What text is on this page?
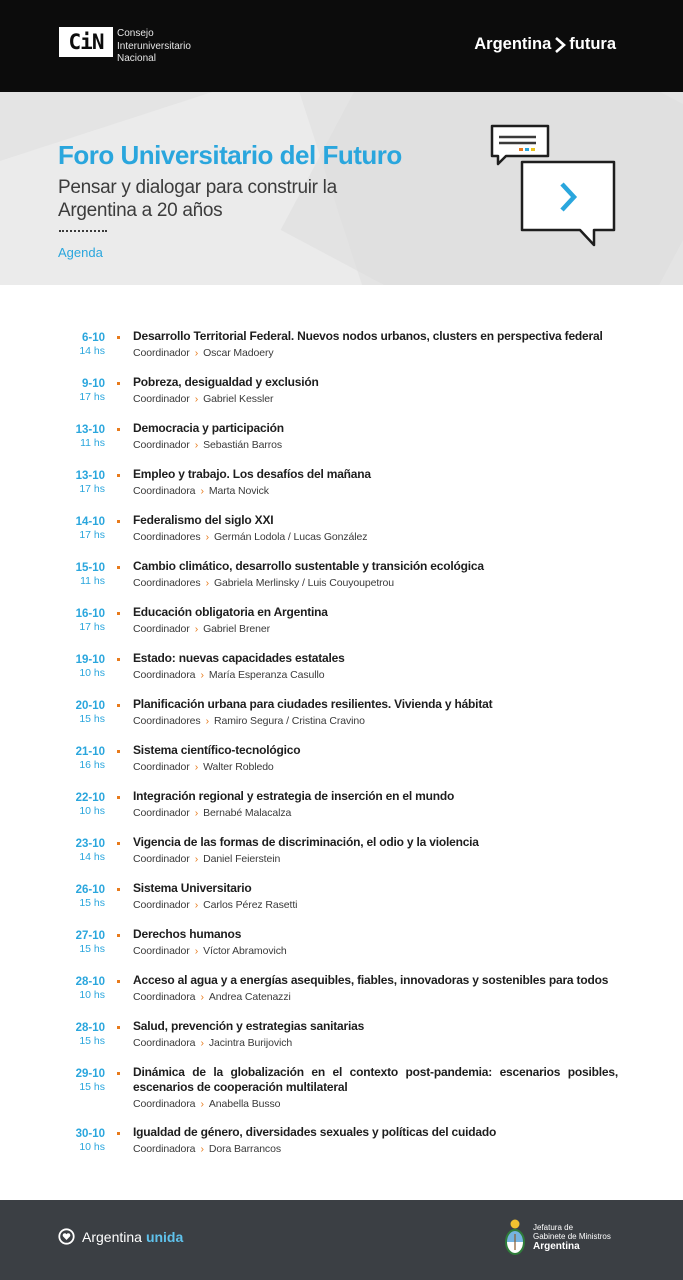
CiN	Consejo
Interuniversitario
Nacional
Argentina futura
Foro Universitario del Futuro
Pensar y dialogar para construir la Argentina a 20 años
Agenda
6-10
14 hs
Desarrollo Territorial Federal. Nuevos nodos urbanos, clusters en perspectiva federal
Coordinador › Oscar Madoery
9-10
17 hs
Pobreza, desigualdad y exclusión
Coordinador › Gabriel Kessler
13-10
11 hs
Democracia y participación
Coordinador › Sebastián Barros
13-10
17 hs
Empleo y trabajo. Los desafíos del mañana
Coordinadora › Marta Novick
14-10
17 hs
Federalismo del siglo XXI
Coordinadores › Germán Lodola / Lucas González
15-10
11 hs
Cambio climático, desarrollo sustentable y transición ecológica
Coordinadores › Gabriela Merlinsky / Luis Couyoupetrou
16-10
17 hs
Educación obligatoria en Argentina
Coordinador › Gabriel Brener
19-10
10 hs
Estado: nuevas capacidades estatales
Coordinadora › María Esperanza Casullo
20-10
15 hs
Planificación urbana para ciudades resilientes. Vivienda y hábitat
Coordinadores › Ramiro Segura / Cristina Cravino
21-10
16 hs
Sistema científico-tecnológico
Coordinador › Walter Robledo
22-10
10 hs
Integración regional y estrategia de inserción en el mundo
Coordinador › Bernabé Malacalza
23-10
14 hs
Vigencia de las formas de discriminación, el odio y la violencia
Coordinador › Daniel Feierstein
26-10
15 hs
Sistema Universitario
Coordinador › Carlos Pérez Rasetti
27-10
15 hs
Derechos humanos
Coordinador › Víctor Abramovich
28-10
10 hs
Acceso al agua y a energías asequibles, fiables, innovadoras y sostenibles para todos
Coordinadora › Andrea Catenazzi
28-10
15 hs
Salud, prevención y estrategias sanitarias
Coordinadora › Jacintra Burijovich
29-10
15 hs
Dinámica de la globalización en el contexto post-pandemia: escenarios posibles, escenarios de cooperación multilateral
Coordinadora › Anabella Busso
30-10
10 hs
Igualdad de género, diversidades sexuales y políticas del cuidado
Coordinadora › Dora Barrancos
Argentina unida
Jefatura de
Gabinete de Ministros
Argentina
